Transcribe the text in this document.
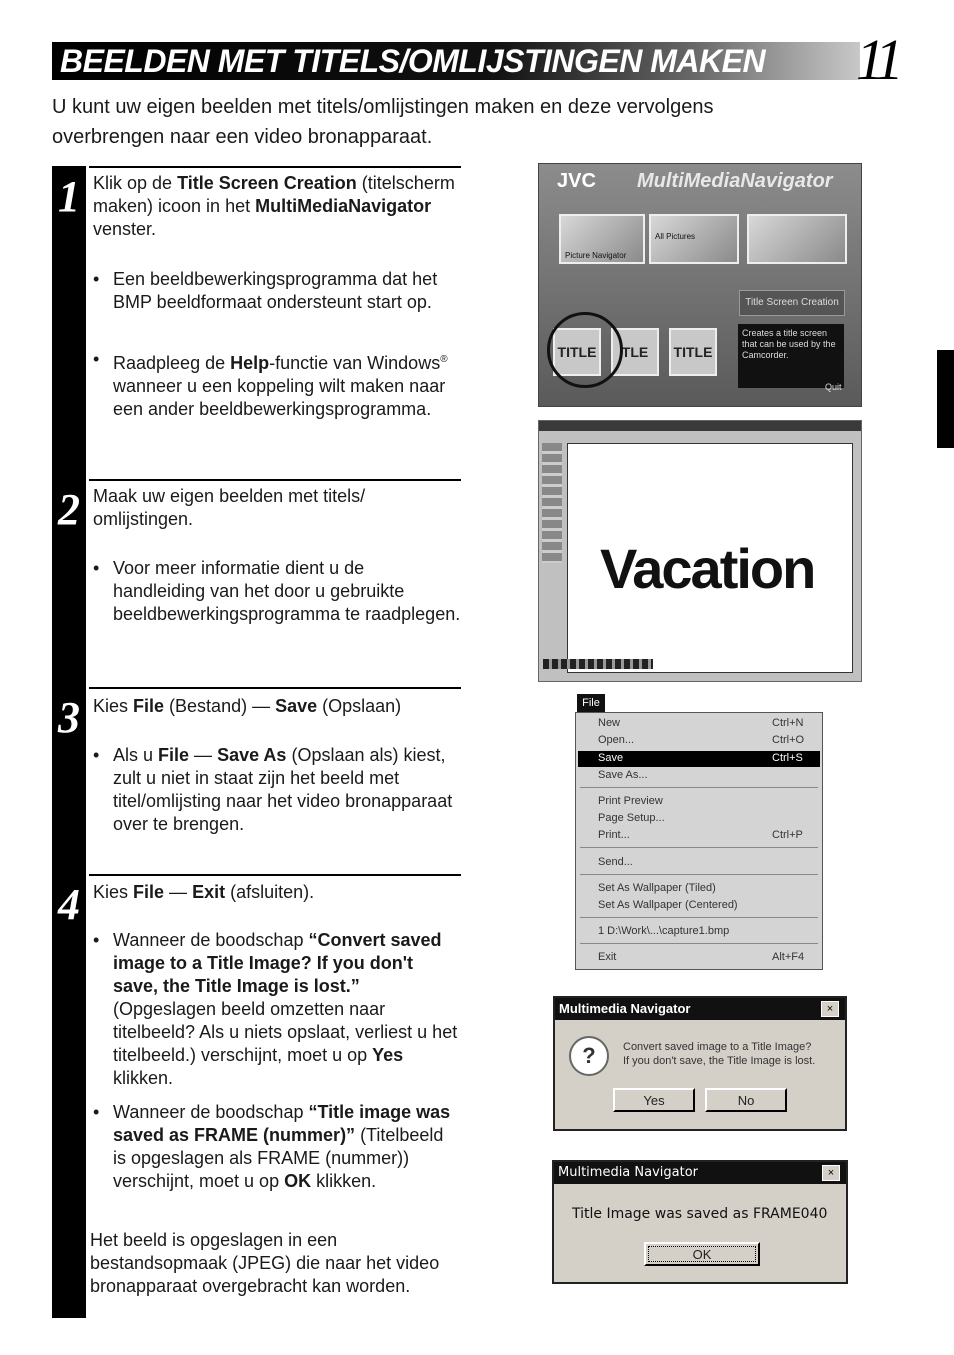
BEELDEN MET TITELS/OMLIJSTINGEN MAKEN 11
U kunt uw eigen beelden met titels/omlijstingen maken en deze vervolgens overbrengen naar een video bronapparaat.
1 Klik op de Title Screen Creation (titelscherm maken) icoon in het MultiMediaNavigator venster.
• Een beeldbewerkingsprogramma dat het BMP beeldformaat ondersteunt start op.
• Raadpleeg de Help-functie van Windows® wanneer u een koppeling wilt maken naar een ander beeldbewerkingsprogramma.
2 Maak uw eigen beelden met titels/ omlijstingen.
• Voor meer informatie dient u de handleiding van het door u gebruikte beeldbewerkingsprogramma te raadplegen.
3 Kies File (Bestand) — Save (Opslaan)
• Als u File — Save As (Opslaan als) kiest, zult u niet in staat zijn het beeld met titel/omlijsting naar het video bronapparaat over te brengen.
4 Kies File — Exit (afsluiten).
• Wanneer de boodschap “Convert saved image to a Title Image? If you don't save, the Title Image is lost.” (Opgeslagen beeld omzetten naar titelbeeld? Als u niets opslaat, verliest u het titelbeeld.) verschijnt, moet u op Yes klikken.
• Wanneer de boodschap “Title image was saved as FRAME (nummer)” (Titelbeeld is opgeslagen als FRAME (nummer)) verschijnt, moet u op OK klikken.
Het beeld is opgeslagen in een bestandsopmaak (JPEG) die naar het video bronapparaat overgebracht kan worden.
JVC MultiMediaNavigator
Picture Navigator
All Pictures
Title Screen Creation
Creates a title screen that can be used by the Camcorder.
Quit
TITLE	TLE	TITLE
Vacation
File
New	Ctrl+N
Open...	Ctrl+O
Save	Ctrl+S
Save As...
Print Preview
Page Setup...
Print...	Ctrl+P
Send...
Set As Wallpaper (Tiled)
Set As Wallpaper (Centered)
1 D:\Work\...\capture1.bmp
Exit	Alt+F4
Multimedia Navigator	×
?	Convert saved image to a Title Image?
If you don't save, the Title Image is lost.
Yes	No
Multimedia Navigator	×
Title Image was saved as FRAME040
OK
